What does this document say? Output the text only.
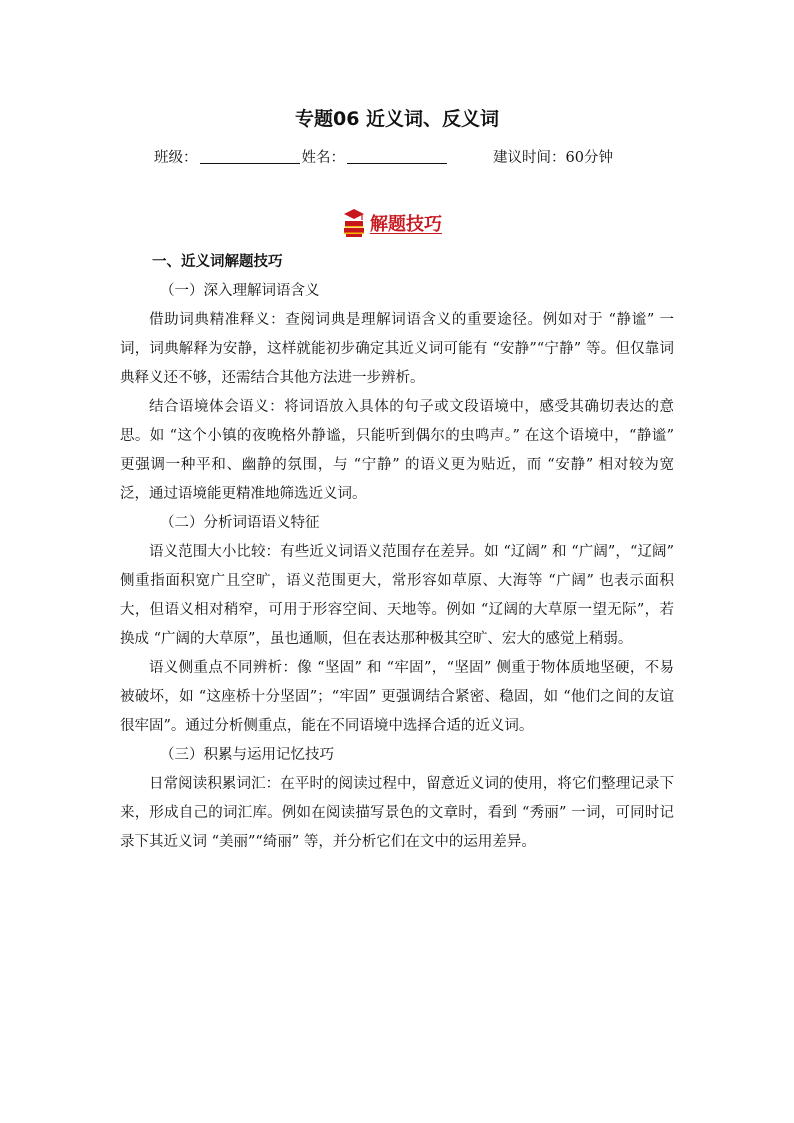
专题06 近义词、反义词
班级：	姓名：	建议时间：60分钟
解题技巧
一、近义词解题技巧
（一）深入理解词语含义

借助词典精准释义：查阅词典是理解词语含义的重要途径。例如对于 “静谧” 一词，词典解释为安静，这样就能初步确定其近义词可能有 “安静”“宁静” 等。但仅靠词典释义还不够，还需结合其他方法进一步辨析。

结合语境体会语义：将词语放入具体的句子或文段语境中，感受其确切表达的意思。如 “这个小镇的夜晚格外静谧，只能听到偶尔的虫鸣声。” 在这个语境中，“静谧” 更强调一种平和、幽静的氛围，与 “宁静” 的语义更为贴近，而 “安静” 相对较为宽泛，通过语境能更精准地筛选近义词。

（二）分析词语语义特征

语义范围大小比较：有些近义词语义范围存在差异。如 “辽阔” 和 “广阔”，“辽阔” 侧重指面积宽广且空旷，语义范围更大，常形容如草原、大海等 “广阔” 也表示面积大，但语义相对稍窄，可用于形容空间、天地等。例如 “辽阔的大草原一望无际”，若换成 “广阔的大草原”，虽也通顺，但在表达那种极其空旷、宏大的感觉上稍弱。

语义侧重点不同辨析：像 “坚固” 和 “牢固”，“坚固” 侧重于物体质地坚硬，不易被破坏，如 “这座桥十分坚固”；“牢固” 更强调结合紧密、稳固，如 “他们之间的友谊很牢固”。通过分析侧重点，能在不同语境中选择合适的近义词。

（三）积累与运用记忆技巧

日常阅读积累词汇：在平时的阅读过程中，留意近义词的使用，将它们整理记录下来，形成自己的词汇库。例如在阅读描写景色的文章时，看到 “秀丽” 一词，可同时记录下其近义词 “美丽”“绮丽” 等，并分析它们在文中的运用差异。
